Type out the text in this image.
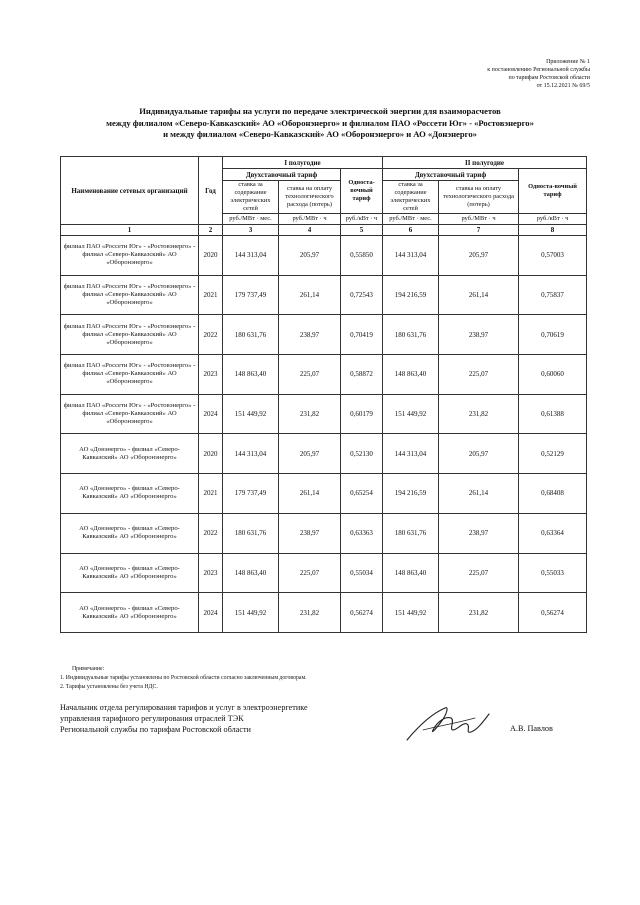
Приложение № 1
к постановлению Региональной службы
по тарифам Ростовской области
от 15.12.2021 № 69/5
Индивидуальные тарифы на услуги по передаче электрической энергии для взаиморасчетов
между филиалом «Северо-Кавказский» АО «Оборонэнерго» и филиалом ПАО «Россети Юг» - «Ростовэнерго»
и между филиалом «Северо-Кавказский» АО «Оборонэнерго» и АО «Донэнерго»
Наименование сетевых организаций	Год	I полугодие			II полугодие		
		Двухставочный тариф		Односта-вочный тариф	Двухставочный тариф		Односта-вочный тариф
		ставка за содержание электрических сетей	ставка на оплату технологического расхода (потерь)		ставка за содержание электрических сетей	ставка на оплату технологического расхода (потерь)	
		руб./МВт · мес.	руб./МВт · ч	руб./кВт · ч	руб./МВт · мес.	руб./МВт · ч	руб./кВт · ч
1	2	3	4	5	6	7	8
филиал ПАО «Россети Юг» - «Ростовэнерго» - филиал «Северо-Кавказский» АО «Оборонэнерго»	2020	144 313,04	205,97	0,55850	144 313,04	205,97	0,57003
филиал ПАО «Россети Юг» - «Ростовэнерго» - филиал «Северо-Кавказский» АО «Оборонэнерго»	2021	179 737,49	261,14	0,72543	194 216,59	261,14	0,75837
филиал ПАО «Россети Юг» - «Ростовэнерго» - филиал «Северо-Кавказский» АО «Оборонэнерго»	2022	180 631,76	238,97	0,70419	180 631,76	238,97	0,70619
филиал ПАО «Россети Юг» - «Ростовэнерго» - филиал «Северо-Кавказский» АО «Оборонэнерго»	2023	148 863,40	225,07	0,58872	148 863,40	225,07	0,60060
филиал ПАО «Россети Юг» - «Ростовэнерго» - филиал «Северо-Кавказский» АО «Оборонэнерго»	2024	151 449,92	231,82	0,60179	151 449,92	231,82	0,61388
АО «Донэнерго» - филиал «Северо-Кавказский» АО «Оборонэнерго»	2020	144 313,04	205,97	0,52130	144 313,04	205,97	0,52129
АО «Донэнерго» - филиал «Северо-Кавказский» АО «Оборонэнерго»	2021	179 737,49	261,14	0,65254	194 216,59	261,14	0,68408
АО «Донэнерго» - филиал «Северо-Кавказский» АО «Оборонэнерго»	2022	180 631,76	238,97	0,63363	180 631,76	238,97	0,63364
АО «Донэнерго» - филиал «Северо-Кавказский» АО «Оборонэнерго»	2023	148 863,40	225,07	0,55034	148 863,40	225,07	0,55033
АО «Донэнерго» - филиал «Северо-Кавказский» АО «Оборонэнерго»	2024	151 449,92	231,82	0,56274	151 449,92	231,82	0,56274
Примечание:
1. Индивидуальные тарифы установлены по Ростовской области согласно заключенным договорам.
2. Тарифы установлены без учета НДС.
Начальник отдела регулирования тарифов и услуг в электроэнергетике
управления тарифного регулирования отраслей ТЭК
Региональной службы по тарифам Ростовской области	А.В. Павлов
